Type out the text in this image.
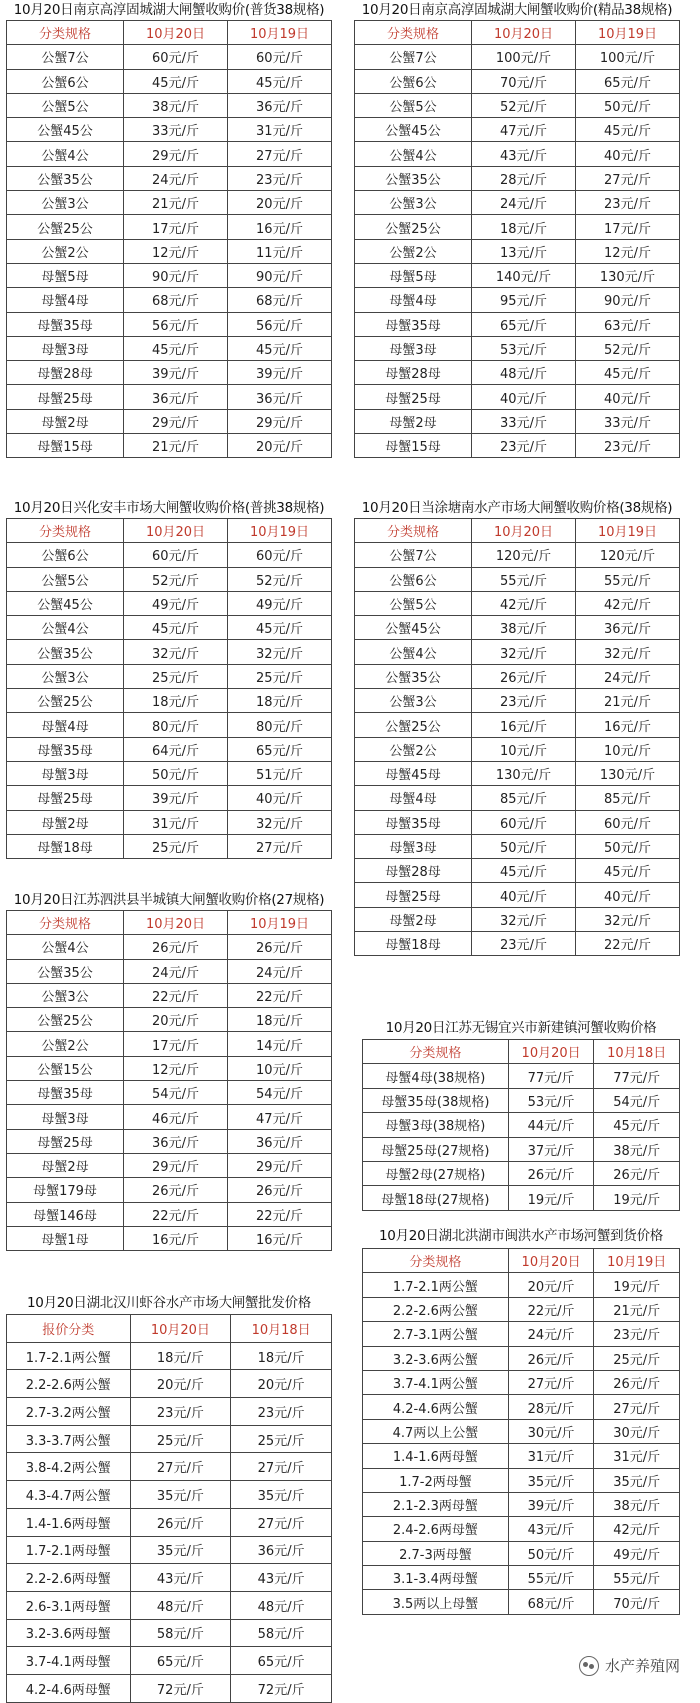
10月20日南京高淳固城湖大闸蟹收购价(普货38规格)
分类规格	10月20日	10月19日
公蟹7公	60元/斤	60元/斤
公蟹6公	45元/斤	45元/斤
公蟹5公	38元/斤	36元/斤
公蟹45公	33元/斤	31元/斤
公蟹4公	29元/斤	27元/斤
公蟹35公	24元/斤	23元/斤
公蟹3公	21元/斤	20元/斤
公蟹25公	17元/斤	16元/斤
公蟹2公	12元/斤	11元/斤
母蟹5母	90元/斤	90元/斤
母蟹4母	68元/斤	68元/斤
母蟹35母	56元/斤	56元/斤
母蟹3母	45元/斤	45元/斤
母蟹28母	39元/斤	39元/斤
母蟹25母	36元/斤	36元/斤
母蟹2母	29元/斤	29元/斤
母蟹15母	21元/斤	20元/斤
10月20日南京高淳固城湖大闸蟹收购价(精品38规格)
分类规格	10月20日	10月19日
公蟹7公	100元/斤	100元/斤
公蟹6公	70元/斤	65元/斤
公蟹5公	52元/斤	50元/斤
公蟹45公	47元/斤	45元/斤
公蟹4公	43元/斤	40元/斤
公蟹35公	28元/斤	27元/斤
公蟹3公	24元/斤	23元/斤
公蟹25公	18元/斤	17元/斤
公蟹2公	13元/斤	12元/斤
母蟹5母	140元/斤	130元/斤
母蟹4母	95元/斤	90元/斤
母蟹35母	65元/斤	63元/斤
母蟹3母	53元/斤	52元/斤
母蟹28母	48元/斤	45元/斤
母蟹25母	40元/斤	40元/斤
母蟹2母	33元/斤	33元/斤
母蟹15母	23元/斤	23元/斤
10月20日兴化安丰市场大闸蟹收购价格(普挑38规格)
分类规格	10月20日	10月19日
公蟹6公	60元/斤	60元/斤
公蟹5公	52元/斤	52元/斤
公蟹45公	49元/斤	49元/斤
公蟹4公	45元/斤	45元/斤
公蟹35公	32元/斤	32元/斤
公蟹3公	25元/斤	25元/斤
公蟹25公	18元/斤	18元/斤
母蟹4母	80元/斤	80元/斤
母蟹35母	64元/斤	65元/斤
母蟹3母	50元/斤	51元/斤
母蟹25母	39元/斤	40元/斤
母蟹2母	31元/斤	32元/斤
母蟹18母	25元/斤	27元/斤
10月20日当涂塘南水产市场大闸蟹收购价格(38规格)
分类规格	10月20日	10月19日
公蟹7公	120元/斤	120元/斤
公蟹6公	55元/斤	55元/斤
公蟹5公	42元/斤	42元/斤
公蟹45公	38元/斤	36元/斤
公蟹4公	32元/斤	32元/斤
公蟹35公	26元/斤	24元/斤
公蟹3公	23元/斤	21元/斤
公蟹25公	16元/斤	16元/斤
公蟹2公	10元/斤	10元/斤
母蟹45母	130元/斤	130元/斤
母蟹4母	85元/斤	85元/斤
母蟹35母	60元/斤	60元/斤
母蟹3母	50元/斤	50元/斤
母蟹28母	45元/斤	45元/斤
母蟹25母	40元/斤	40元/斤
母蟹2母	32元/斤	32元/斤
母蟹18母	23元/斤	22元/斤
10月20日江苏泗洪县半城镇大闸蟹收购价格(27规格)
分类规格	10月20日	10月19日
公蟹4公	26元/斤	26元/斤
公蟹35公	24元/斤	24元/斤
公蟹3公	22元/斤	22元/斤
公蟹25公	20元/斤	18元/斤
公蟹2公	17元/斤	14元/斤
公蟹15公	12元/斤	10元/斤
母蟹35母	54元/斤	54元/斤
母蟹3母	46元/斤	47元/斤
母蟹25母	36元/斤	36元/斤
母蟹2母	29元/斤	29元/斤
母蟹179母	26元/斤	26元/斤
母蟹146母	22元/斤	22元/斤
母蟹1母	16元/斤	16元/斤
10月20日江苏无锡宜兴市新建镇河蟹收购价格
分类规格	10月20日	10月18日
母蟹4母(38规格)	77元/斤	77元/斤
母蟹35母(38规格)	53元/斤	54元/斤
母蟹3母(38规格)	44元/斤	45元/斤
母蟹25母(27规格)	37元/斤	38元/斤
母蟹2母(27规格)	26元/斤	26元/斤
母蟹18母(27规格)	19元/斤	19元/斤
10月20日湖北洪湖市闽洪水产市场河蟹到货价格
分类规格	10月20日	10月19日
1.7-2.1两公蟹	20元/斤	19元/斤
2.2-2.6两公蟹	22元/斤	21元/斤
2.7-3.1两公蟹	24元/斤	23元/斤
3.2-3.6两公蟹	26元/斤	25元/斤
3.7-4.1两公蟹	27元/斤	26元/斤
4.2-4.6两公蟹	28元/斤	27元/斤
4.7两以上公蟹	30元/斤	30元/斤
1.4-1.6两母蟹	31元/斤	31元/斤
1.7-2两母蟹	35元/斤	35元/斤
2.1-2.3两母蟹	39元/斤	38元/斤
2.4-2.6两母蟹	43元/斤	42元/斤
2.7-3两母蟹	50元/斤	49元/斤
3.1-3.4两母蟹	55元/斤	55元/斤
3.5两以上母蟹	68元/斤	70元/斤
10月20日湖北汉川虾谷水产市场大闸蟹批发价格
报价分类	10月20日	10月18日
1.7-2.1两公蟹	18元/斤	18元/斤
2.2-2.6两公蟹	20元/斤	20元/斤
2.7-3.2两公蟹	23元/斤	23元/斤
3.3-3.7两公蟹	25元/斤	25元/斤
3.8-4.2两公蟹	27元/斤	27元/斤
4.3-4.7两公蟹	35元/斤	35元/斤
1.4-1.6两母蟹	26元/斤	27元/斤
1.7-2.1两母蟹	35元/斤	36元/斤
2.2-2.6两母蟹	43元/斤	43元/斤
2.6-3.1两母蟹	48元/斤	48元/斤
3.2-3.6两母蟹	58元/斤	58元/斤
3.7-4.1两母蟹	65元/斤	65元/斤
4.2-4.6两母蟹	72元/斤	72元/斤
水产养殖网
